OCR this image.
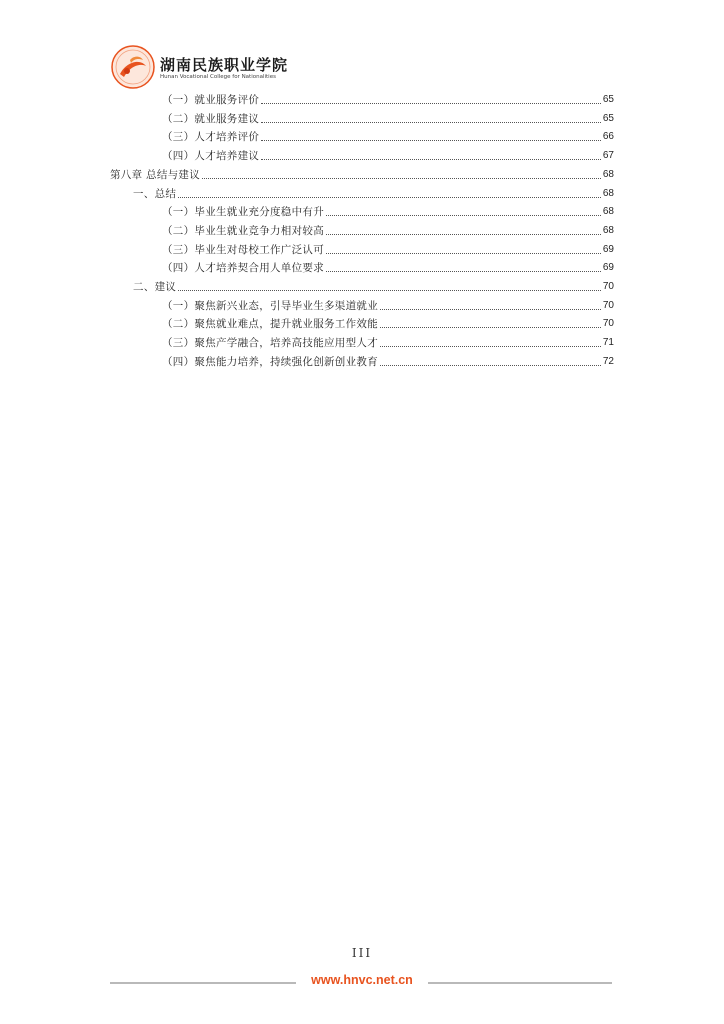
湖南民族职业学院
Hunan Vocational College for Nationalities
（一）就业服务评价	65
（二）就业服务建议	65
（三）人才培养评价	66
（四）人才培养建议	67
第八章 总结与建议	68
一、总结	68
（一）毕业生就业充分度稳中有升	68
（二）毕业生就业竞争力相对较高	68
（三）毕业生对母校工作广泛认可	69
（四）人才培养契合用人单位要求	69
二、建议	70
（一）聚焦新兴业态，引导毕业生多渠道就业	70
（二）聚焦就业难点，提升就业服务工作效能	70
（三）聚焦产学融合，培养高技能应用型人才	71
（四）聚焦能力培养，持续强化创新创业教育	72
III
www.hnvc.net.cn
